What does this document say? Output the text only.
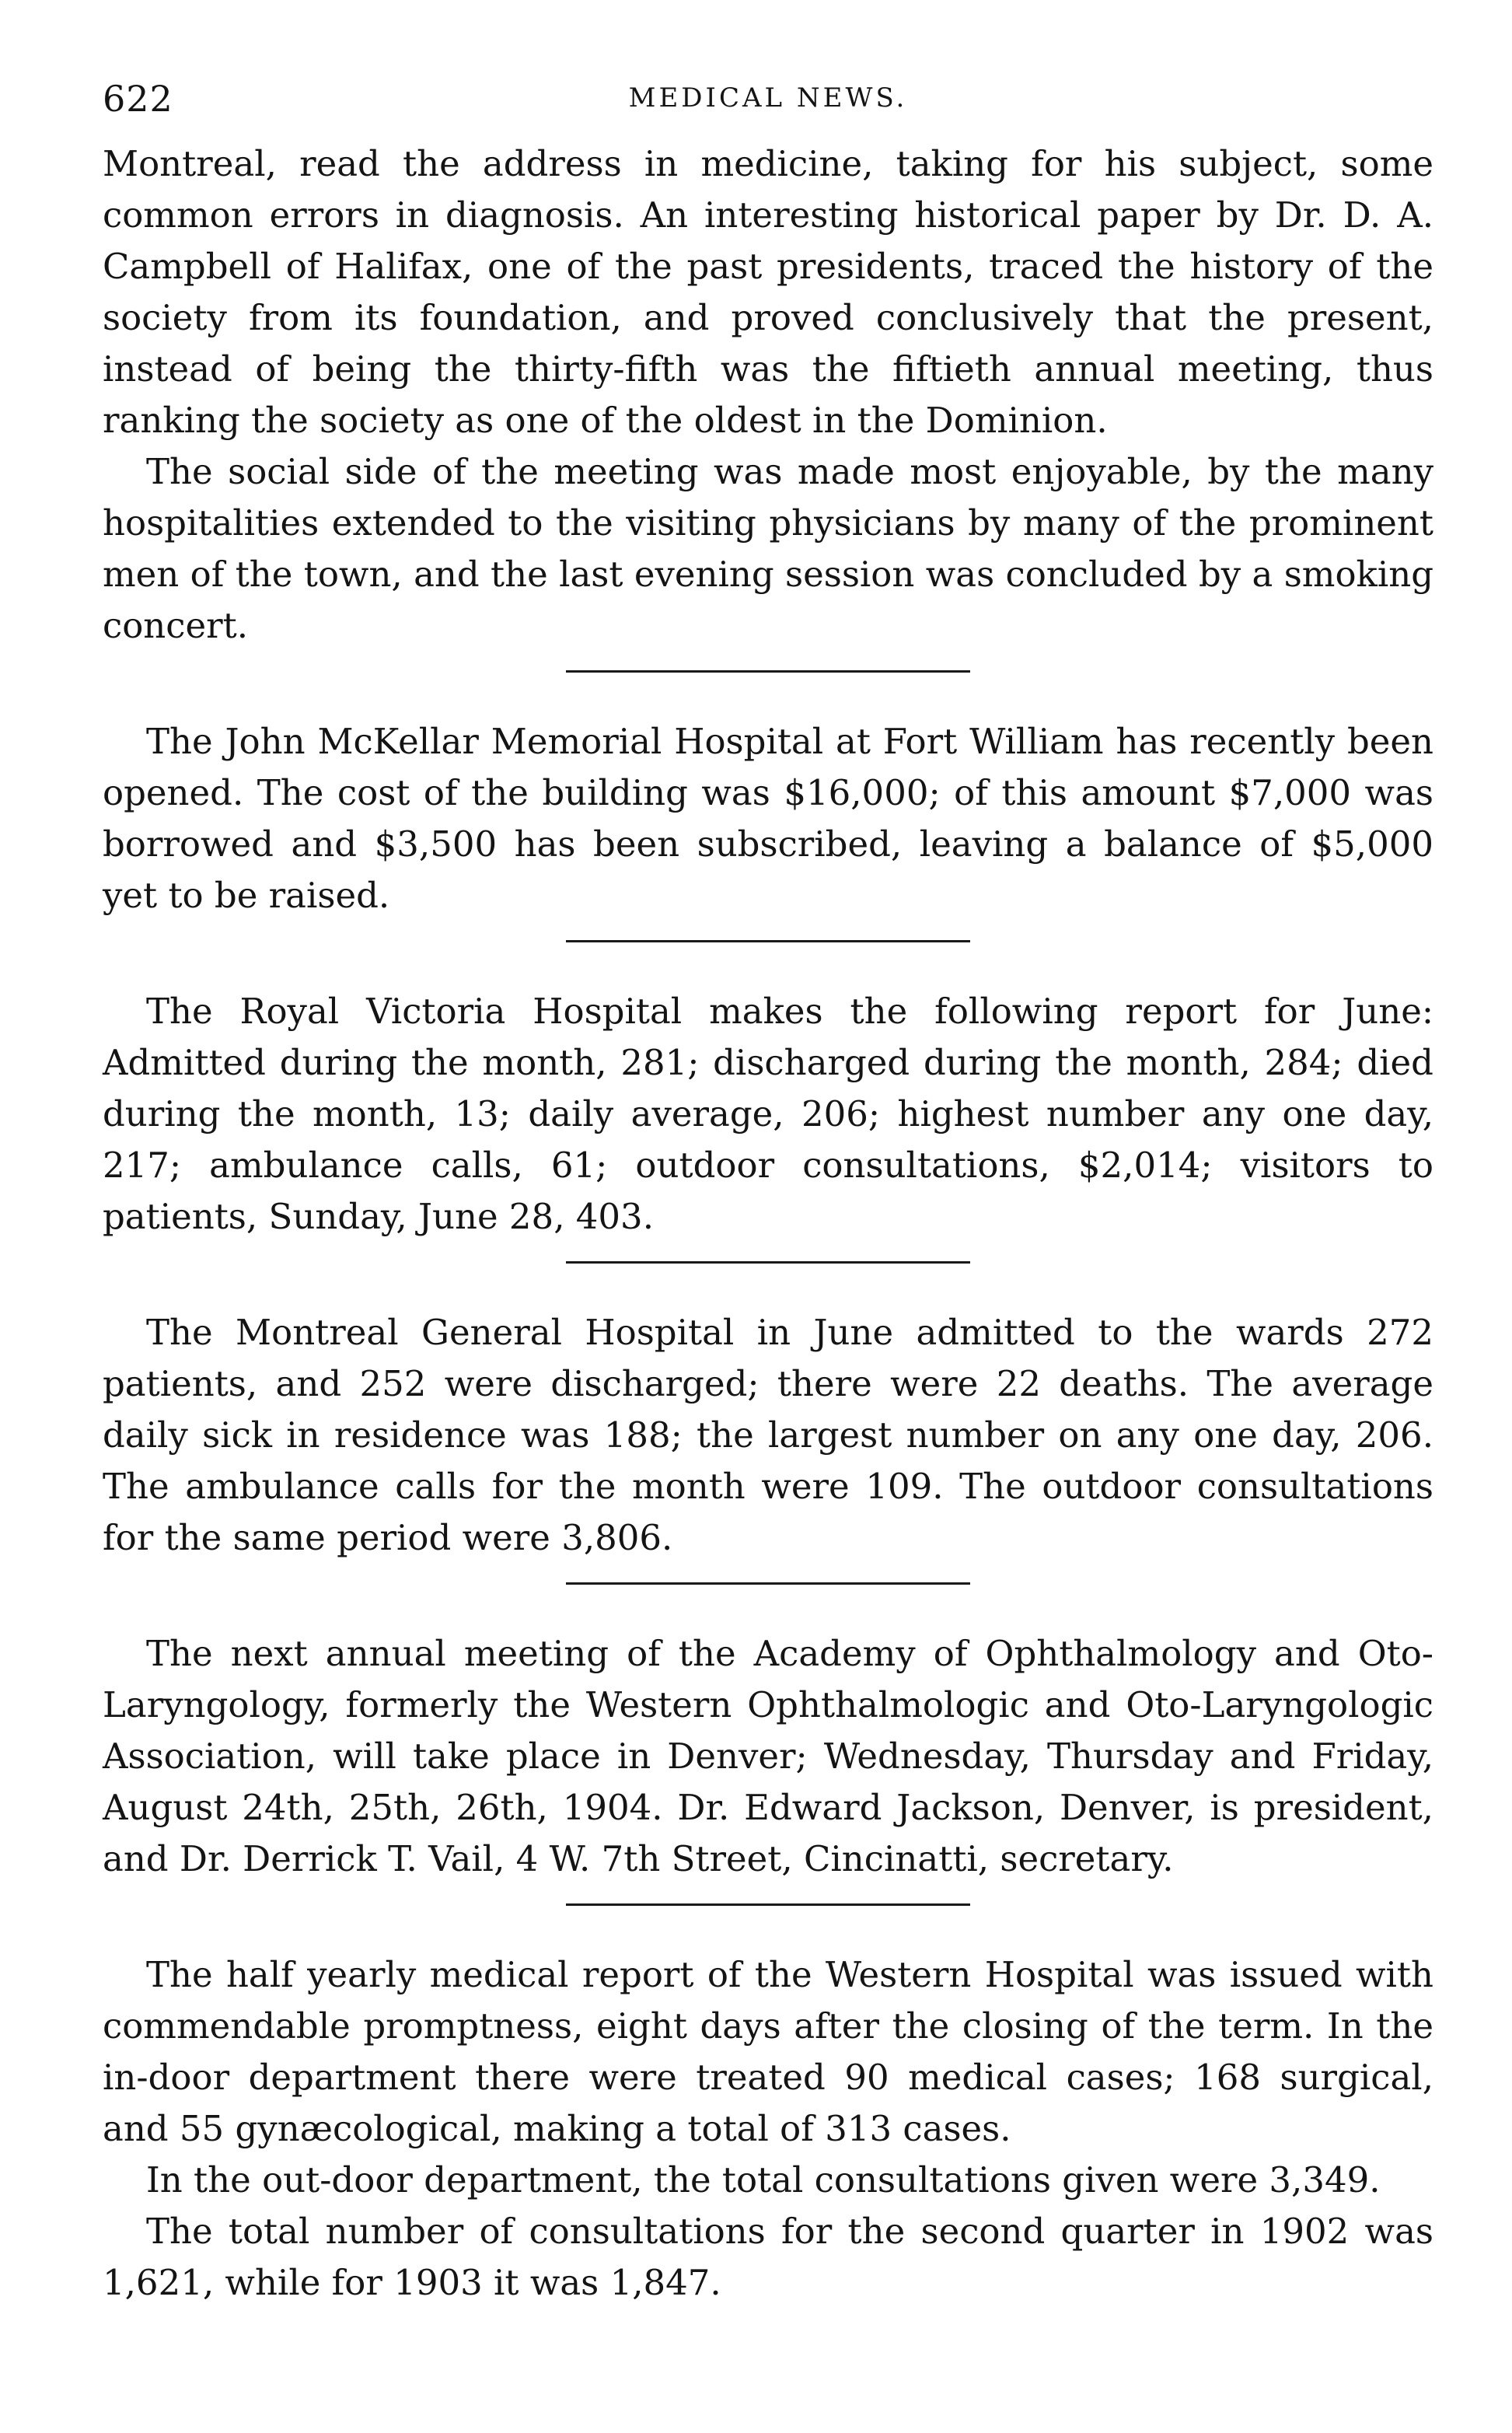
622	MEDICAL NEWS.

Montreal, read the address in medicine, taking for his subject, some common errors in diagnosis. An interesting historical paper by Dr. D. A. Campbell of Halifax, one of the past presidents, traced the history of the society from its foundation, and proved conclusively that the present, instead of being the thirty-fifth was the fiftieth annual meeting, thus ranking the society as one of the oldest in the Dominion.

The social side of the meeting was made most enjoyable, by the many hospitalities extended to the visiting physicians by many of the prominent men of the town, and the last evening session was concluded by a smoking concert.

The John McKellar Memorial Hospital at Fort William has recently been opened. The cost of the building was $16,000; of this amount $7,000 was borrowed and $3,500 has been subscribed, leaving a balance of $5,000 yet to be raised.

The Royal Victoria Hospital makes the following report for June: Admitted during the month, 281; discharged during the month, 284; died during the month, 13; daily average, 206; highest number any one day, 217; ambulance calls, 61; outdoor consultations, $2,014; visitors to patients, Sunday, June 28, 403.

The Montreal General Hospital in June admitted to the wards 272 patients, and 252 were discharged; there were 22 deaths. The average daily sick in residence was 188; the largest number on any one day, 206. The ambulance calls for the month were 109. The outdoor consultations for the same period were 3,806.

The next annual meeting of the Academy of Ophthalmology and Oto-Laryngology, formerly the Western Ophthalmologic and Oto-Laryngologic Association, will take place in Denver; Wednesday, Thursday and Friday, August 24th, 25th, 26th, 1904. Dr. Edward Jackson, Denver, is president, and Dr. Derrick T. Vail, 4 W. 7th Street, Cincinatti, secretary.

The half yearly medical report of the Western Hospital was issued with commendable promptness, eight days after the closing of the term. In the in-door department there were treated 90 medical cases; 168 surgical, and 55 gynæcological, making a total of 313 cases.

In the out-door department, the total consultations given were 3,349.

The total number of consultations for the second quarter in 1902 was 1,621, while for 1903 it was 1,847.
